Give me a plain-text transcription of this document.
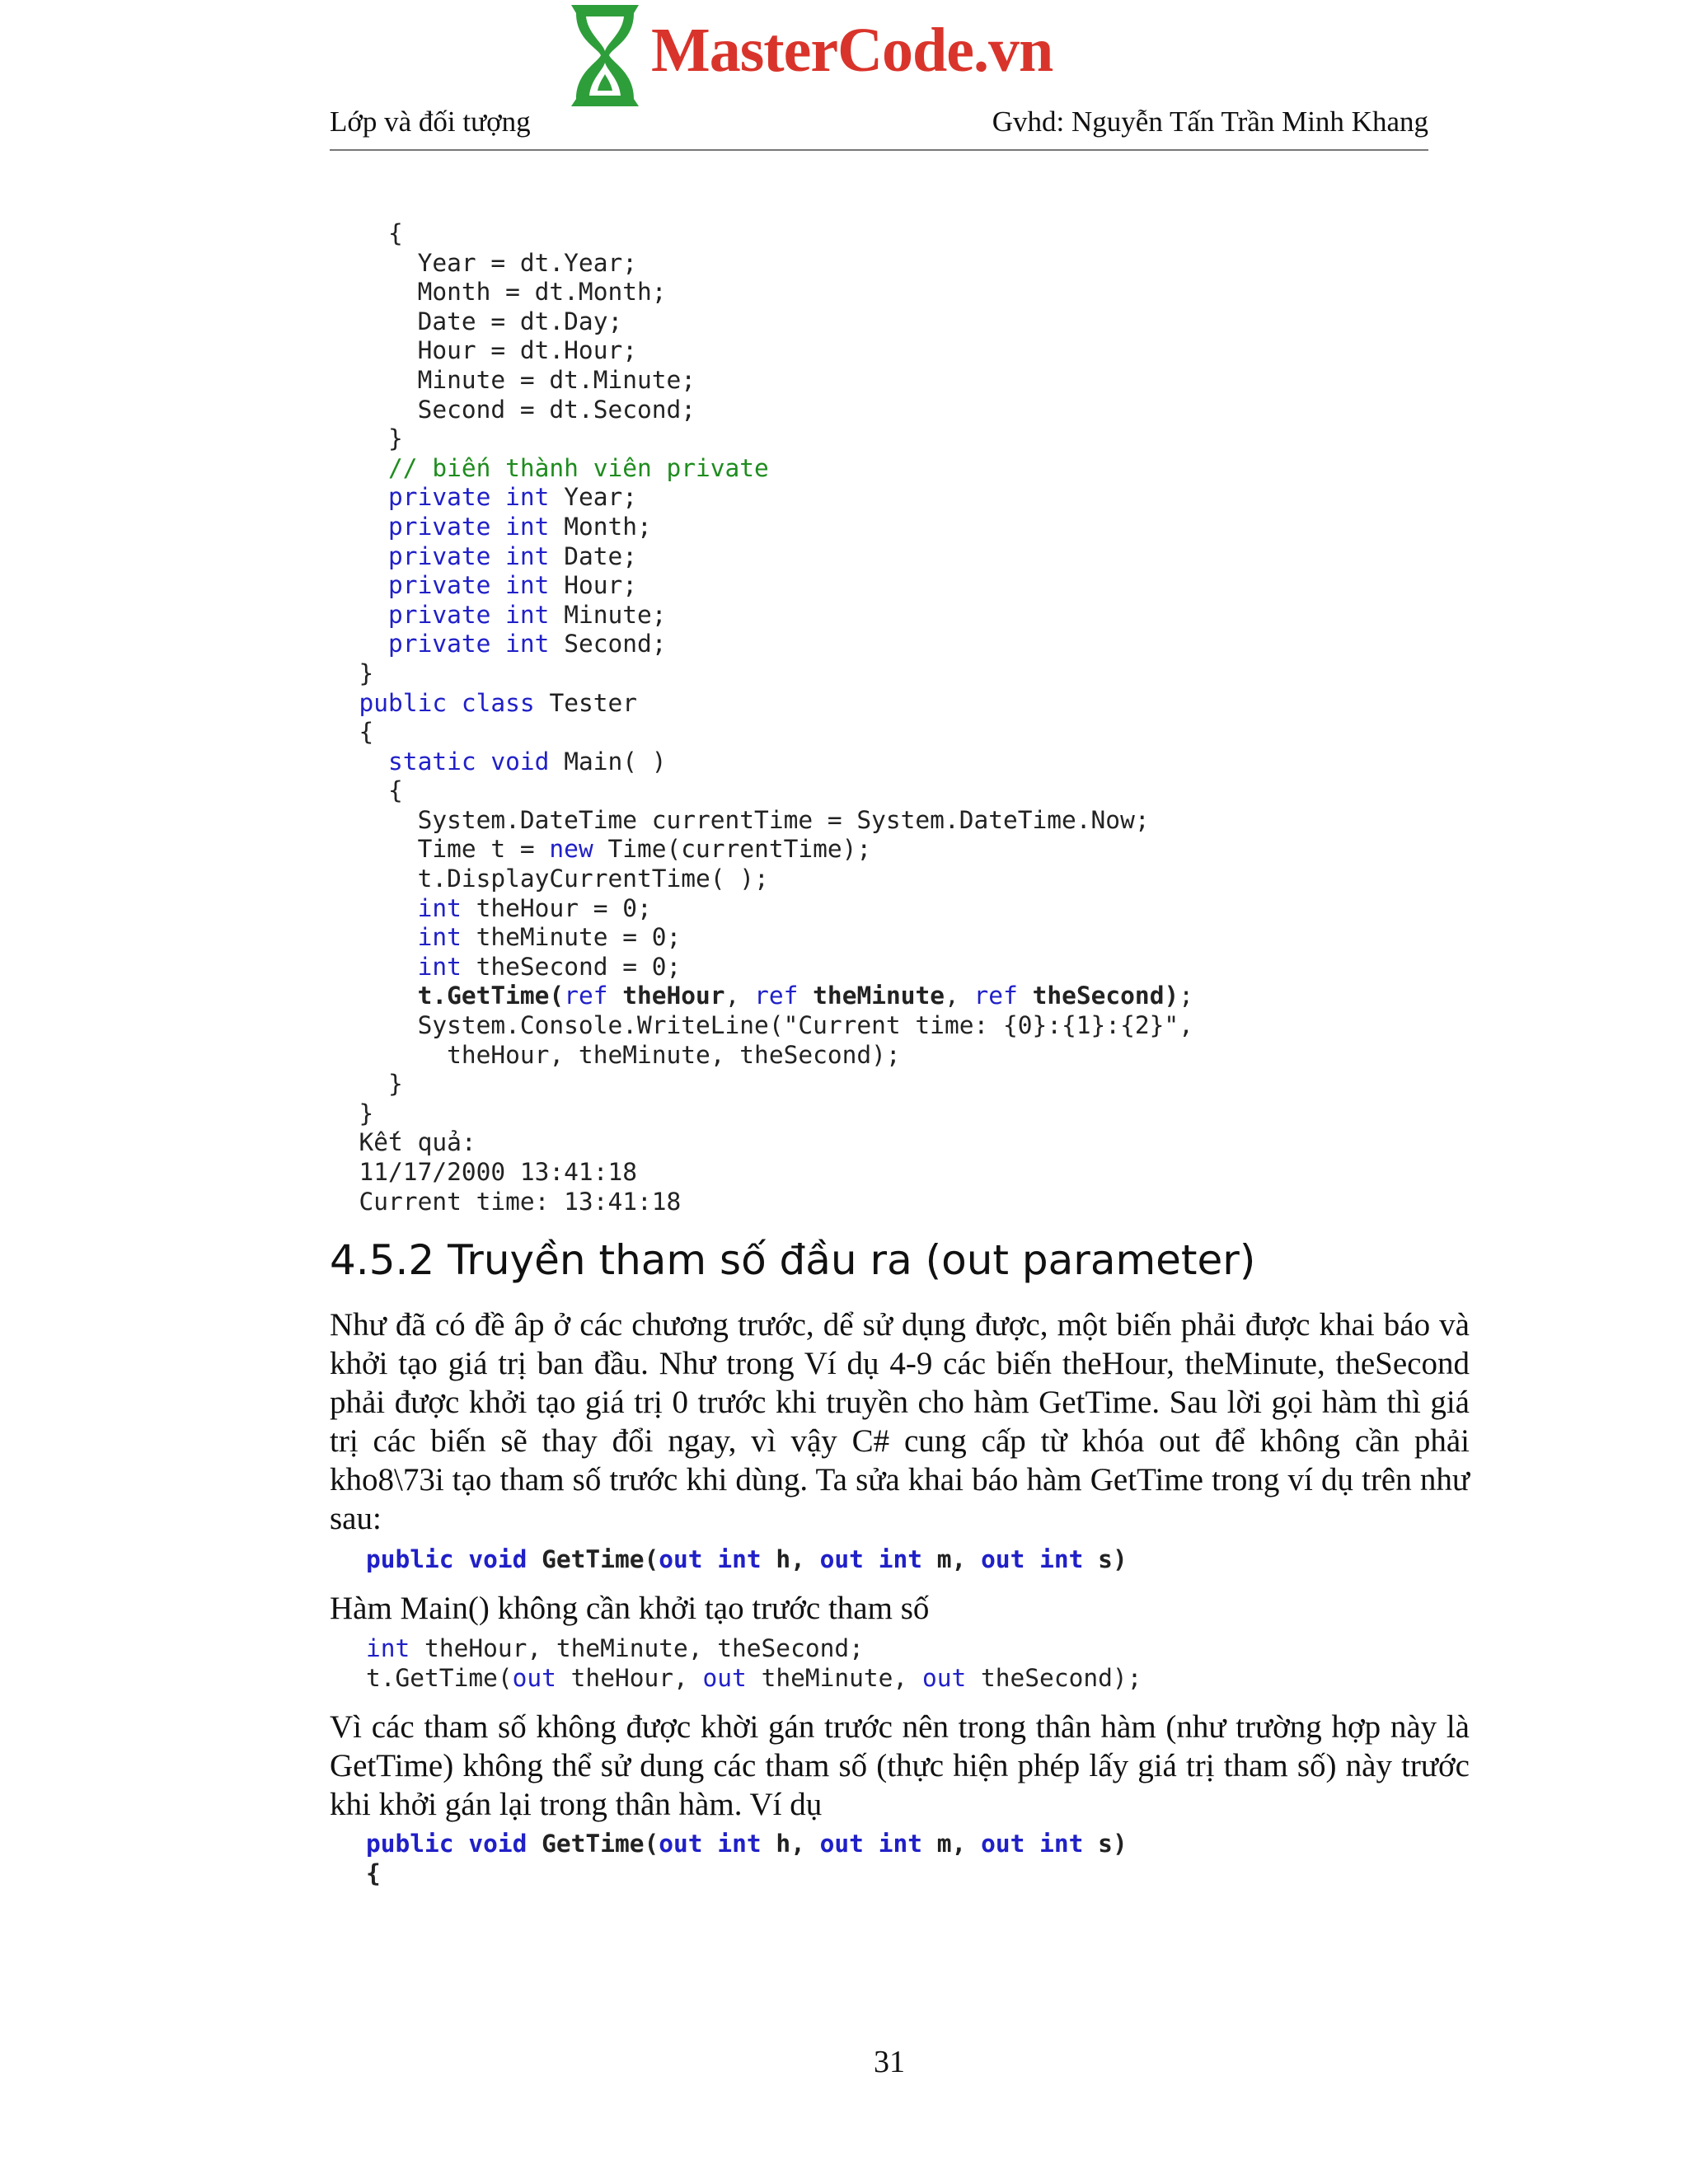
MasterCode.vn
Lớp và đối tượng	Gvhd: Nguyễn Tấn Trần Minh Khang
{
Year = dt.Year;
Month = dt.Month;
Date = dt.Day;
Hour = dt.Hour;
Minute = dt.Minute;
Second = dt.Second;
}
// biến thành viên private
private int Year;
private int Month;
private int Date;
private int Hour;
private int Minute;
private int Second;
}
public class Tester
{
static void Main( )
{
System.DateTime currentTime = System.DateTime.Now;
Time t = new Time(currentTime);
t.DisplayCurrentTime( );
int theHour = 0;
int theMinute = 0;
int theSecond = 0;
t.GetTime(ref theHour, ref theMinute, ref theSecond);
System.Console.WriteLine("Current time: {0}:{1}:{2}",
theHour, theMinute, theSecond);
}
}
Kết quả:
11/17/2000 13:41:18
Current time: 13:41:18
4.5.2 Truyền tham số đầu ra (out parameter)
Như đã có đề âp ở các chương trước, dể sử dụng được, một biến phải được khai báo và khởi tạo giá trị ban đầu. Như trong Ví dụ 4-9 các biến theHour, theMinute, theSecond phải được khởi tạo giá trị 0 trước khi truyền cho hàm GetTime. Sau lời gọi hàm thì giá trị các biến sẽ thay đổi ngay, vì vậy C# cung cấp từ khóa out để không cần phải kho8\73i tạo tham số trước khi dùng. Ta sửa khai báo hàm GetTime trong ví dụ trên như sau:
public void GetTime(out int h, out int m, out int s)
Hàm Main() không cần khởi tạo trước tham số
int theHour, theMinute, theSecond;
t.GetTime(out theHour, out theMinute, out theSecond);
Vì các tham số không được khời gán trước nên trong thân hàm (như trường hợp này là GetTime) không thể sử dung các tham số (thực hiện phép lấy giá trị tham số) này trước khi khởi gán lại trong thân hàm. Ví dụ
public void GetTime(out int h, out int m, out int s)
{
31
